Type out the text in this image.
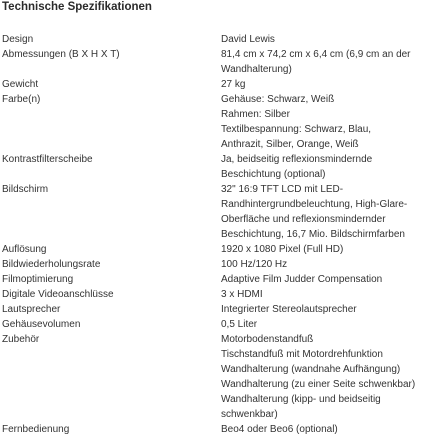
Technische Spezifikationen
Design	David Lewis
Abmessungen (B X H X T)	81,4 cm x 74,2 cm x 6,4 cm (6,9 cm an der
Wandhalterung)
Gewicht	27 kg
Farbe(n)	Gehäuse: Schwarz, Weiß
Rahmen: Silber
Textilbespannung: Schwarz, Blau,
Anthrazit, Silber, Orange, Weiß
Kontrastfilterscheibe	Ja, beidseitig reflexionsmindernde
Beschichtung (optional)
Bildschirm	32" 16:9 TFT LCD mit LED-
Randhintergrundbeleuchtung, High-Glare-
Oberfläche und reflexionsmindernder
Beschichtung, 16,7 Mio. Bildschirmfarben
Auflösung	1920 x 1080 Pixel (Full HD)
Bildwiederholungsrate	100 Hz/120 Hz
Filmoptimierung	Adaptive Film Judder Compensation
Digitale Videoanschlüsse	3 x HDMI
Lautsprecher	Integrierter Stereolautsprecher
Gehäusevolumen	0,5 Liter
Zubehör	Motorbodenstandfuß
Tischstandfuß mit Motordrehfunktion
Wandhalterung (wandnahe Aufhängung)
Wandhalterung (zu einer Seite schwenkbar)
Wandhalterung (kipp- und beidseitig
schwenkbar)
Fernbedienung	Beo4 oder Beo6 (optional)
